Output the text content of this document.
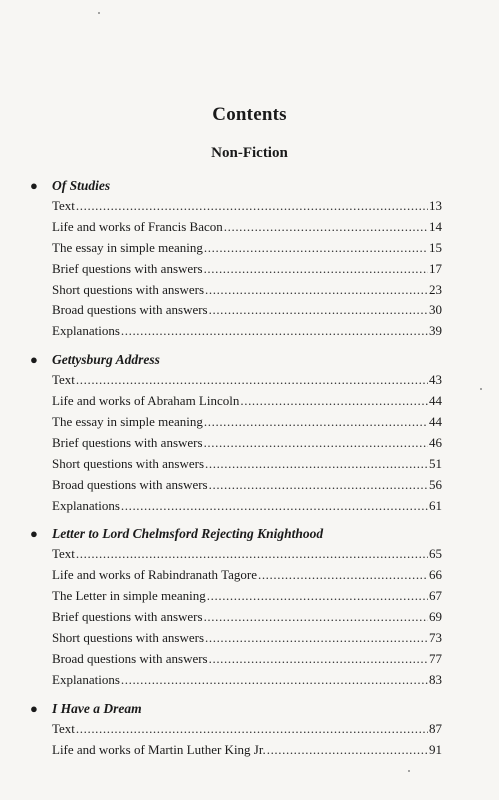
Contents
Non-Fiction
●	Of Studies
Text .....	13
Life and works of Francis Bacon .....	14
The essay in simple meaning .....	15
Brief questions with answers .....	17
Short questions with answers .....	23
Broad questions with answers .....	30
Explanations .....	39
●	Gettysburg Address
Text .....	43
Life and works of Abraham Lincoln .....	44
The essay in simple meaning .....	44
Brief questions with answers .....	46
Short questions with answers .....	51
Broad questions with answers .....	56
Explanations .....	61
●	Letter to Lord Chelmsford Rejecting Knighthood
Text .....	65
Life and works of Rabindranath Tagore .....	66
The Letter in simple meaning .....	67
Brief questions with answers .....	69
Short questions with answers .....	73
Broad questions with answers .....	77
Explanations .....	83
●	I Have a Dream
Text .....	87
Life and works of Martin Luther King Jr. .....	91
